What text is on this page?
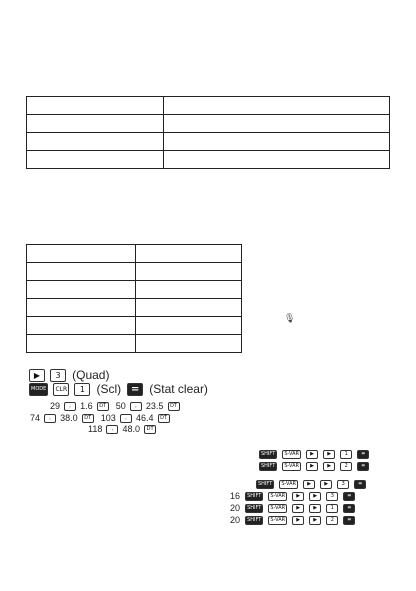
🎙
▶ 3 (Quad)
MODE CLR 1 (Scl) = (Stat clear)
29 , 1.6 DT 50 , 23.5 DT
74 , 38.0 DT 103 , 46.4 DT
118 , 48.0 DT
SHIFT S-VAR ▶	▶	1	=
SHIFT S-VAR ▶	▶	2	=
SHIFT S-VAR ▶	▶	3	=
16 SHIFT S-VAR ▶	▶	3	=
20 SHIFT S-VAR ▶	▶	1	=
20 SHIFT S-VAR ▶	▶	2	=
